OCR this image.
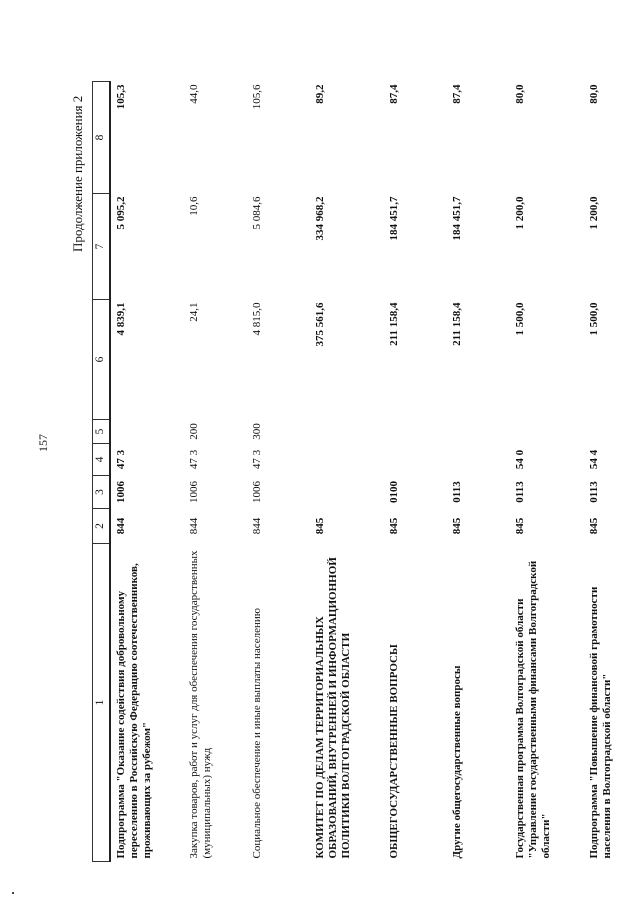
157
Продолжение приложения 2
1	2	3	4	5	6	7	8
Подпрограмма "Оказание содействия добровольному переселению в Российскую Федерацию соотечественников, проживающих за рубежом"	844	1006	47 3		4 839,1	5 095,2	105,3
Закупка товаров, работ и услуг для обеспечения государственных (муниципальных) нужд	844	1006	47 3	200	24,1	10,6	44,0
Социальное обеспечение и иные выплаты населению	844	1006	47 3	300	4 815,0	5 084,6	105,6
КОМИТЕТ ПО ДЕЛАМ ТЕРРИТОРИАЛЬНЫХ ОБРАЗОВАНИЙ, ВНУТРЕННЕЙ И ИНФОРМАЦИОННОЙ ПОЛИТИКИ ВОЛГОГРАДСКОЙ ОБЛАСТИ	845				375 561,6	334 968,2	89,2
ОБЩЕГОСУДАРСТВЕННЫЕ ВОПРОСЫ	845	0100			211 158,4	184 451,7	87,4
Другие общегосударственные вопросы	845	0113			211 158,4	184 451,7	87,4
Государственная программа Волгоградской области "Управление государственными финансами Волгоградской области"	845	0113	54 0		1 500,0	1 200,0	80,0
Подпрограмма "Повышение финансовой грамотности населения в Волгоградской области"	845	0113	54 4		1 500,0	1 200,0	80,0
